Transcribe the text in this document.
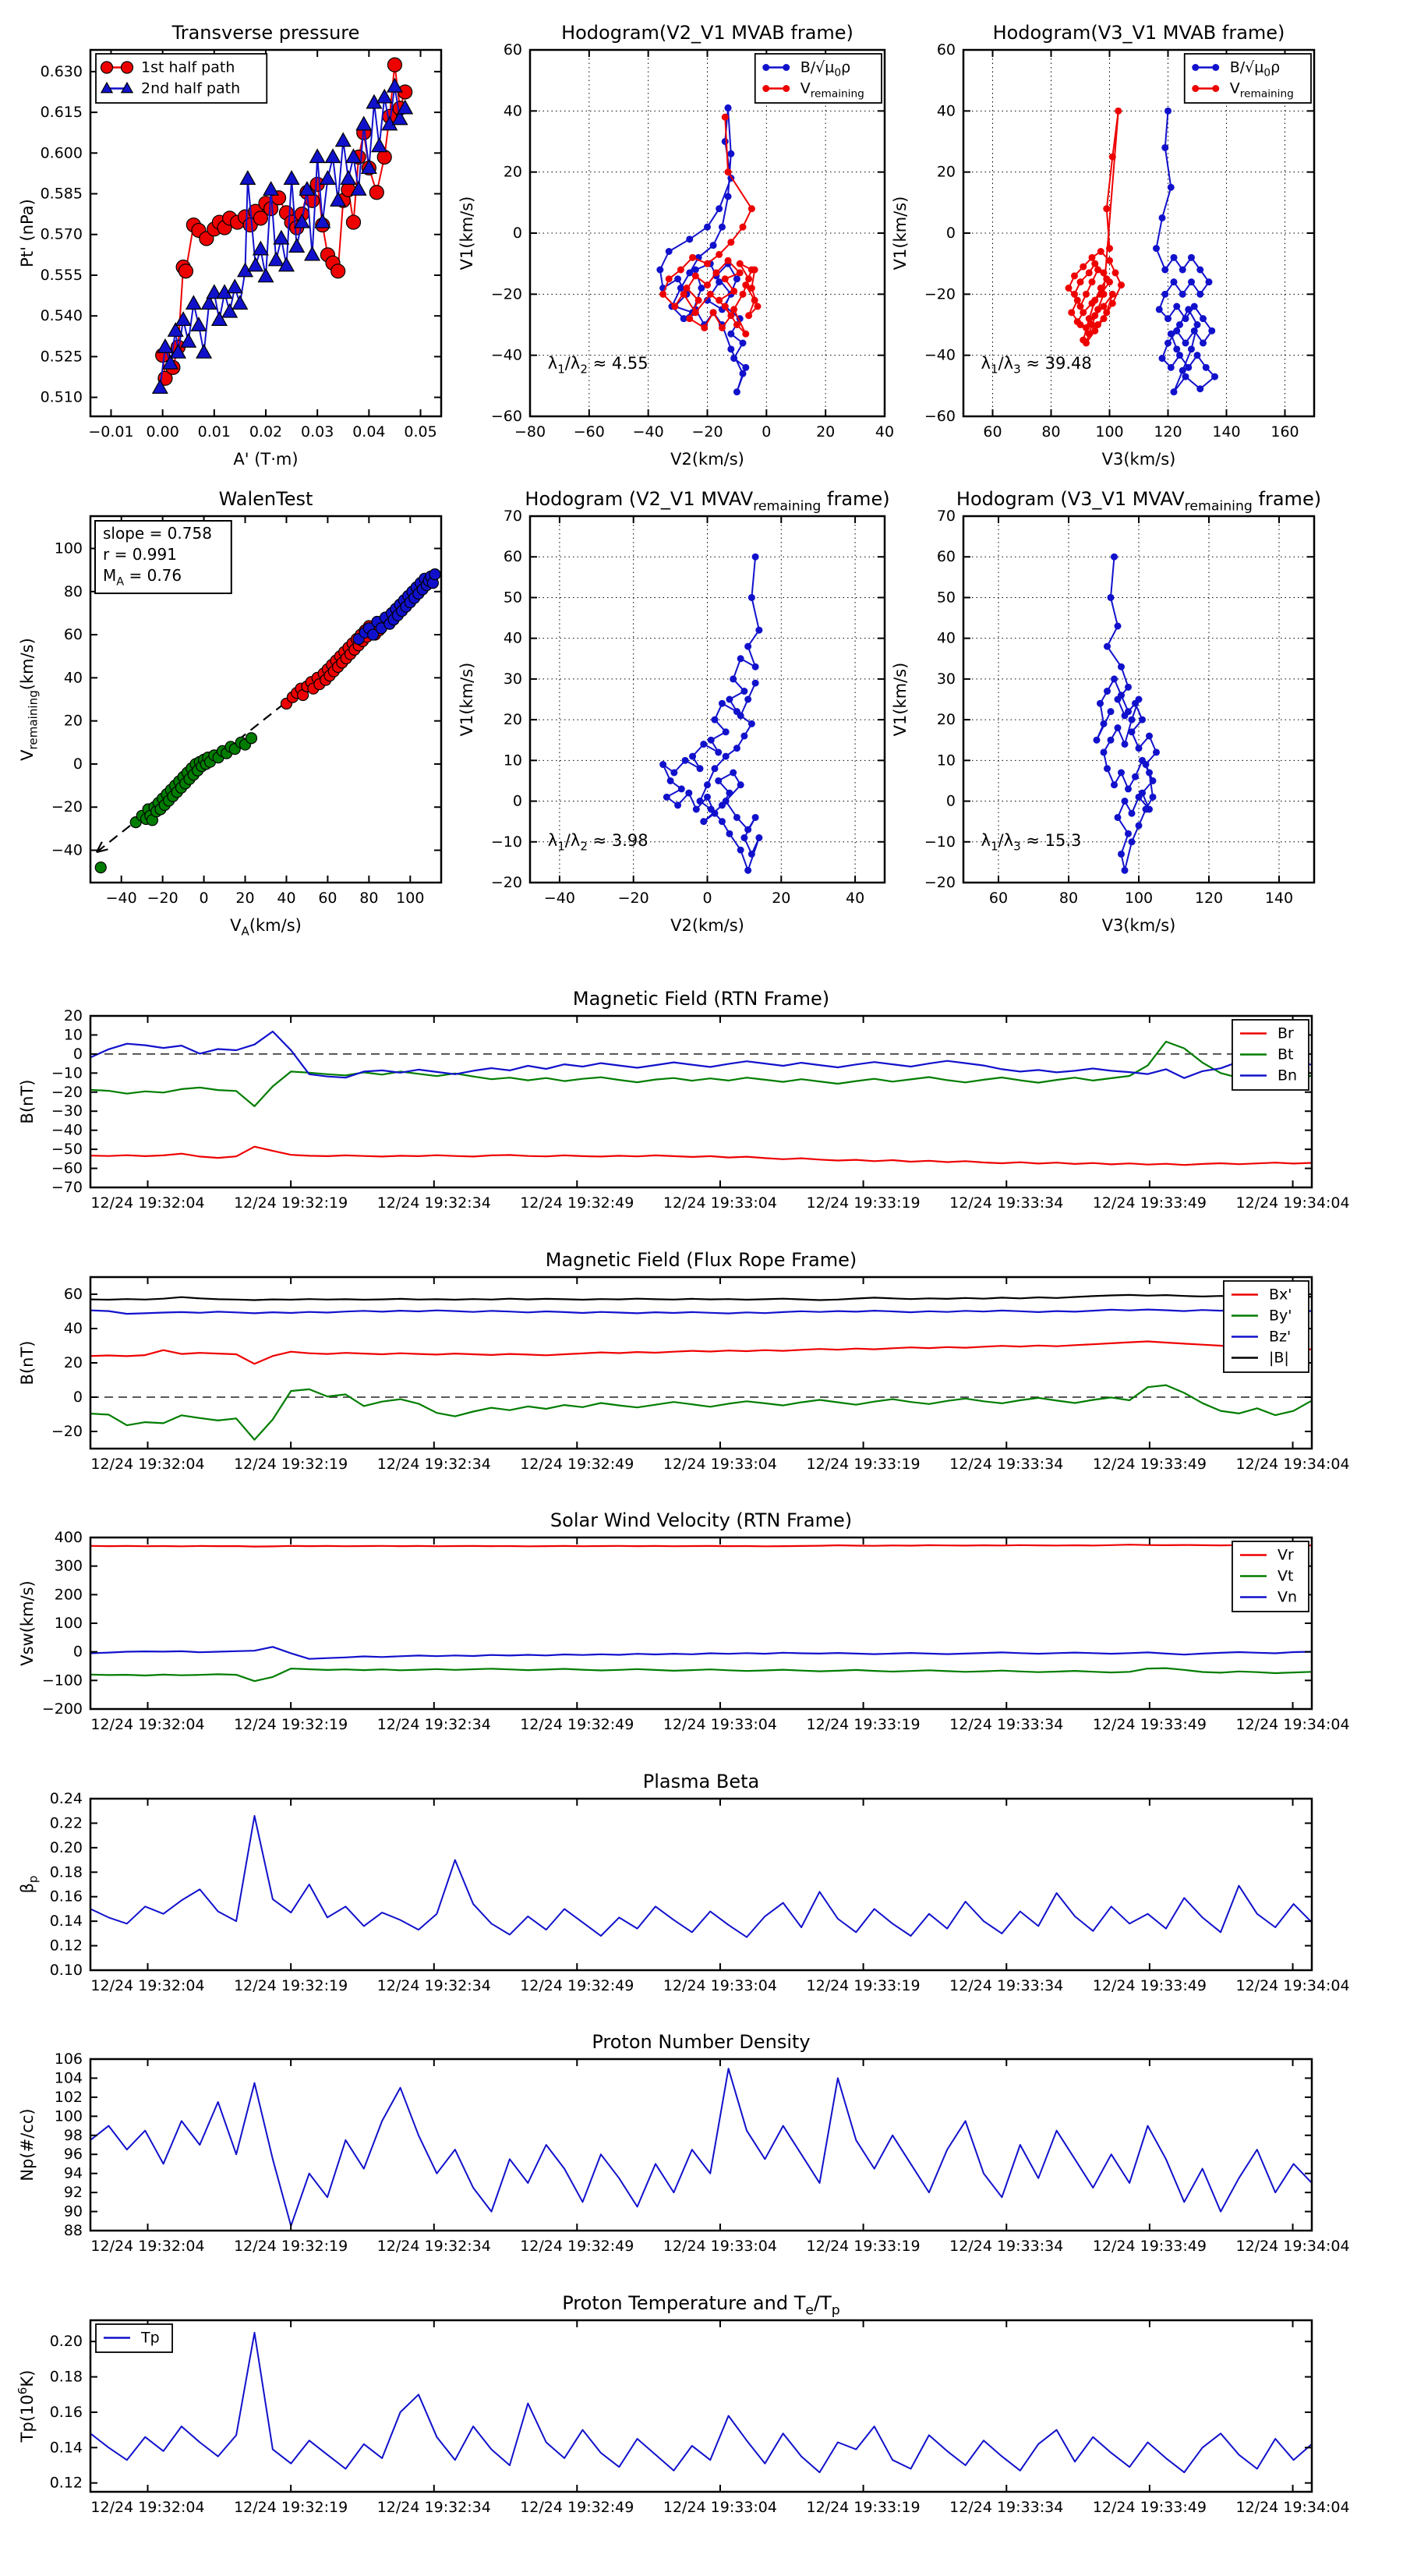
−0.01 0.00 0.01 0.02 0.03 0.04 0.05
0.510
0.525
0.540
0.555
0.570
0.585
0.600
0.615
0.630
Transverse pressure
A' (T·m)
Pt' (nPa)
1st half path
2nd half path
−80 −60 −40 −20	0	20	40
−60
−40
−20
0
20
40
60
Hodogram(V2_V1 MVAB frame)
V2(km/s)
V1(km/s)
$\lambda_1/\lambda_2 \approx 4.55$
$B/√\mu_0\rho$
$V_{remaining}$
60	80 100 120 140 160
−60
−40
−20
0
20
40
60
Hodogram(V3_V1 MVAB frame)
V3(km/s)
V1(km/s)
$\lambda_1/\lambda_3 \approx 39.48$
$B/√\mu_0\rho$
$V_{remaining}$
−40 −20 0 20 40 60 80 100
−40
−20
0
20
40
60
80
100
WalenTest
$V_A(km/s)$
$V_{remaining}(km/s)$
slope = 0.758
r = 0.991
$M_A = 0.76$
−40	−20	0	20	40
−20
−10
0
10
20
30
40
50
60
70
Hodogram (V2_V1 $MVAV_{remaining}$ frame)
V2(km/s)
V1(km/s)
$\lambda_1/\lambda_2 \approx 3.98$
60	80	100	120	140
−20
−10
0
10
20
30
40
50
60
70
Hodogram (V3_V1 $MVAV_{remaining}$ frame)
V3(km/s)
V1(km/s)
$\lambda_1/\lambda_3 \approx 15.3$
12/24 19:32:04 12/24 19:32:19 12/24 19:32:34 12/24 19:32:49 12/24 19:33:04 12/24 19:33:19 12/24 19:33:34 12/24 19:33:49 12/24 19:34:04
−70
−60
−50
−40
−30
−20
−10
0
10
20
Magnetic Field (RTN Frame)
B(nT)
Br
Bt
Bn
12/24 19:32:04 12/24 19:32:19 12/24 19:32:34 12/24 19:32:49 12/24 19:33:04 12/24 19:33:19 12/24 19:33:34 12/24 19:33:49 12/24 19:34:04
−20
0
20
40
60
Magnetic Field (Flux Rope Frame)
B(nT)
Bx'
By'
Bz'
|B|
12/24 19:32:04 12/24 19:32:19 12/24 19:32:34 12/24 19:32:49 12/24 19:33:04 12/24 19:33:19 12/24 19:33:34 12/24 19:33:49 12/24 19:34:04
−200
−100
0
100
200
300
400
Solar Wind Velocity (RTN Frame)
Vsw(km/s)
Vr
Vt
Vn
12/24 19:32:04 12/24 19:32:19 12/24 19:32:34 12/24 19:32:49 12/24 19:33:04 12/24 19:33:19 12/24 19:33:34 12/24 19:33:49 12/24 19:34:04
0.10
0.12
0.14
0.16
0.18
0.20
0.22
0.24
Plasma Beta
$\beta_p$
12/24 19:32:04 12/24 19:32:19 12/24 19:32:34 12/24 19:32:49 12/24 19:33:04 12/24 19:33:19 12/24 19:33:34 12/24 19:33:49 12/24 19:34:04
88
90
92
94
96
98
100
102
104
106
Proton Number Density
Np(#/cc)
12/24 19:32:04 12/24 19:32:19 12/24 19:32:34 12/24 19:32:49 12/24 19:33:04 12/24 19:33:19 12/24 19:33:34 12/24 19:33:49 12/24 19:34:04
0.12
0.14
0.16
0.18
0.20
Proton Temperature and $T_e/T_p$
$Tp(10^6K)$
Tp
